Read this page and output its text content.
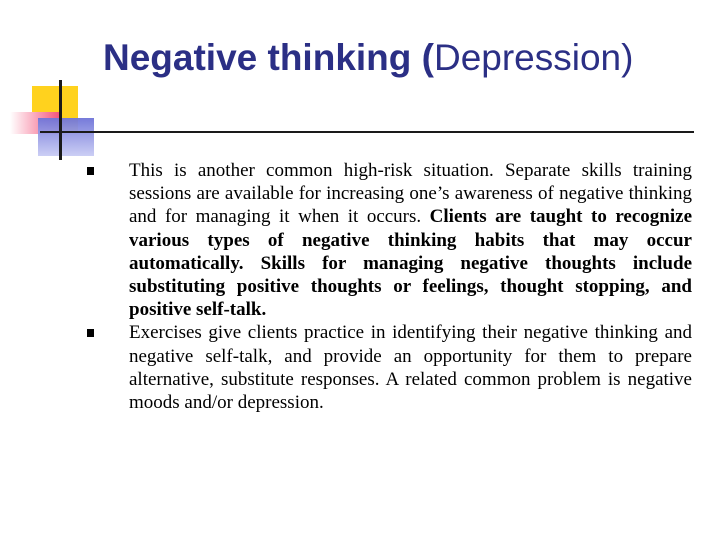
Negative thinking (Depression)
This is another common high-risk situation. Separate skills training sessions are available for increasing one’s awareness of negative thinking and for managing it when it occurs. Clients are taught to recognize various types of negative thinking habits that may occur automatically. Skills for managing negative thoughts include substituting positive thoughts or feelings, thought stopping, and positive self-talk.
Exercises give clients practice in identifying their negative thinking and negative self-talk, and provide an opportunity for them to prepare alternative, substitute responses. A related common problem is negative moods and/or depression.
